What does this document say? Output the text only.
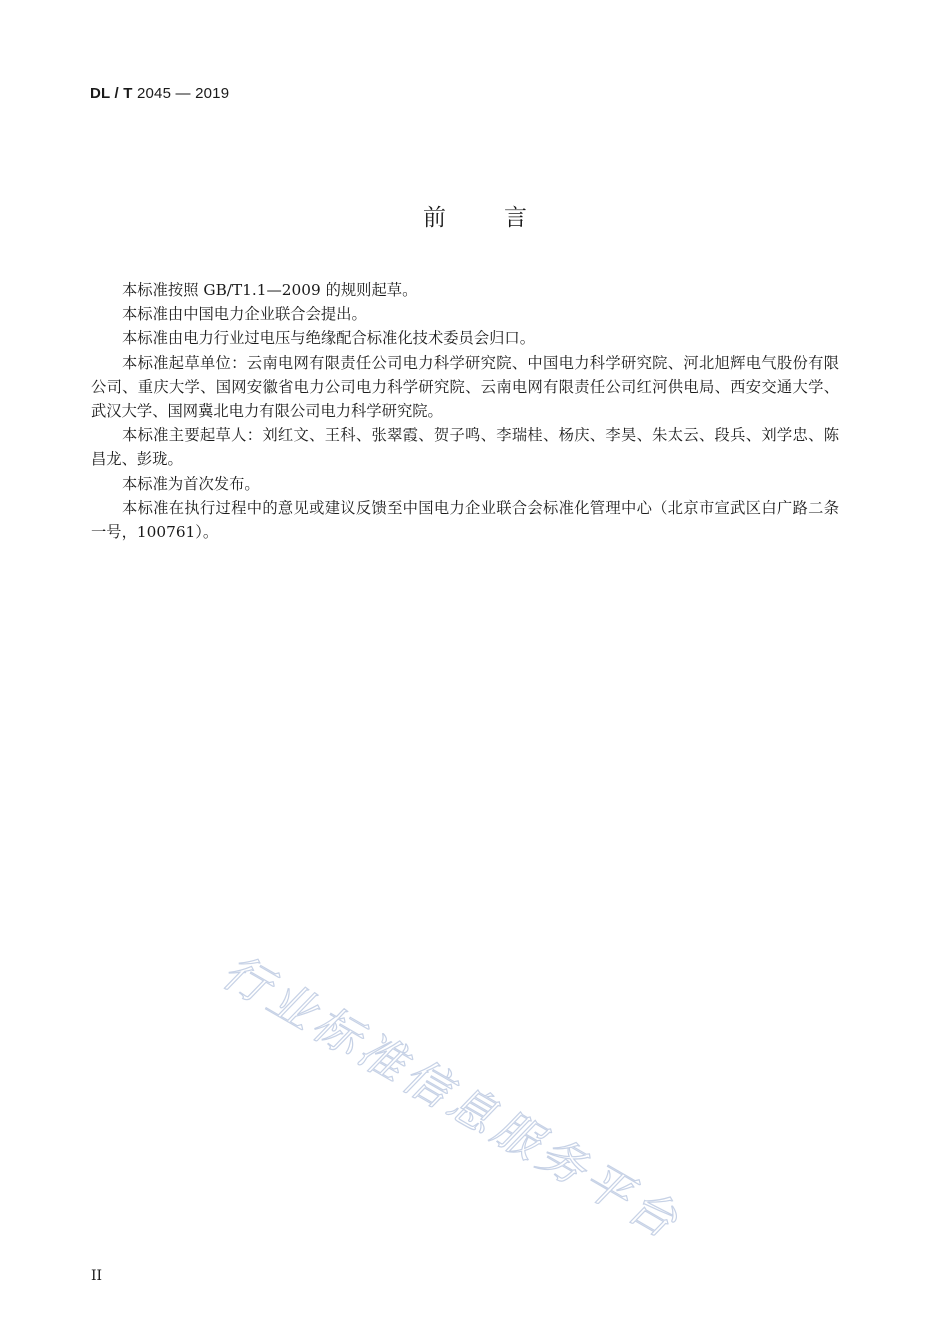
DL / T 2045 — 2019
前	言

本标准按照 GB/T1.1—2009 的规则起草。

本标准由中国电力企业联合会提出。

本标准由电力行业过电压与绝缘配合标准化技术委员会归口。

本标准起草单位：云南电网有限责任公司电力科学研究院、中国电力科学研究院、河北旭辉电气股份有限公司、重庆大学、国网安徽省电力公司电力科学研究院、云南电网有限责任公司红河供电局、西安交通大学、武汉大学、国网冀北电力有限公司电力科学研究院。

本标准主要起草人：刘红文、王科、张翠霞、贺子鸣、李瑞桂、杨庆、李昊、朱太云、段兵、刘学忠、陈昌龙、彭珑。

本标准为首次发布。

本标准在执行过程中的意见或建议反馈至中国电力企业联合会标准化管理中心（北京市宣武区白广路二条一号，100761）。

行业标准信息服务平台
II
